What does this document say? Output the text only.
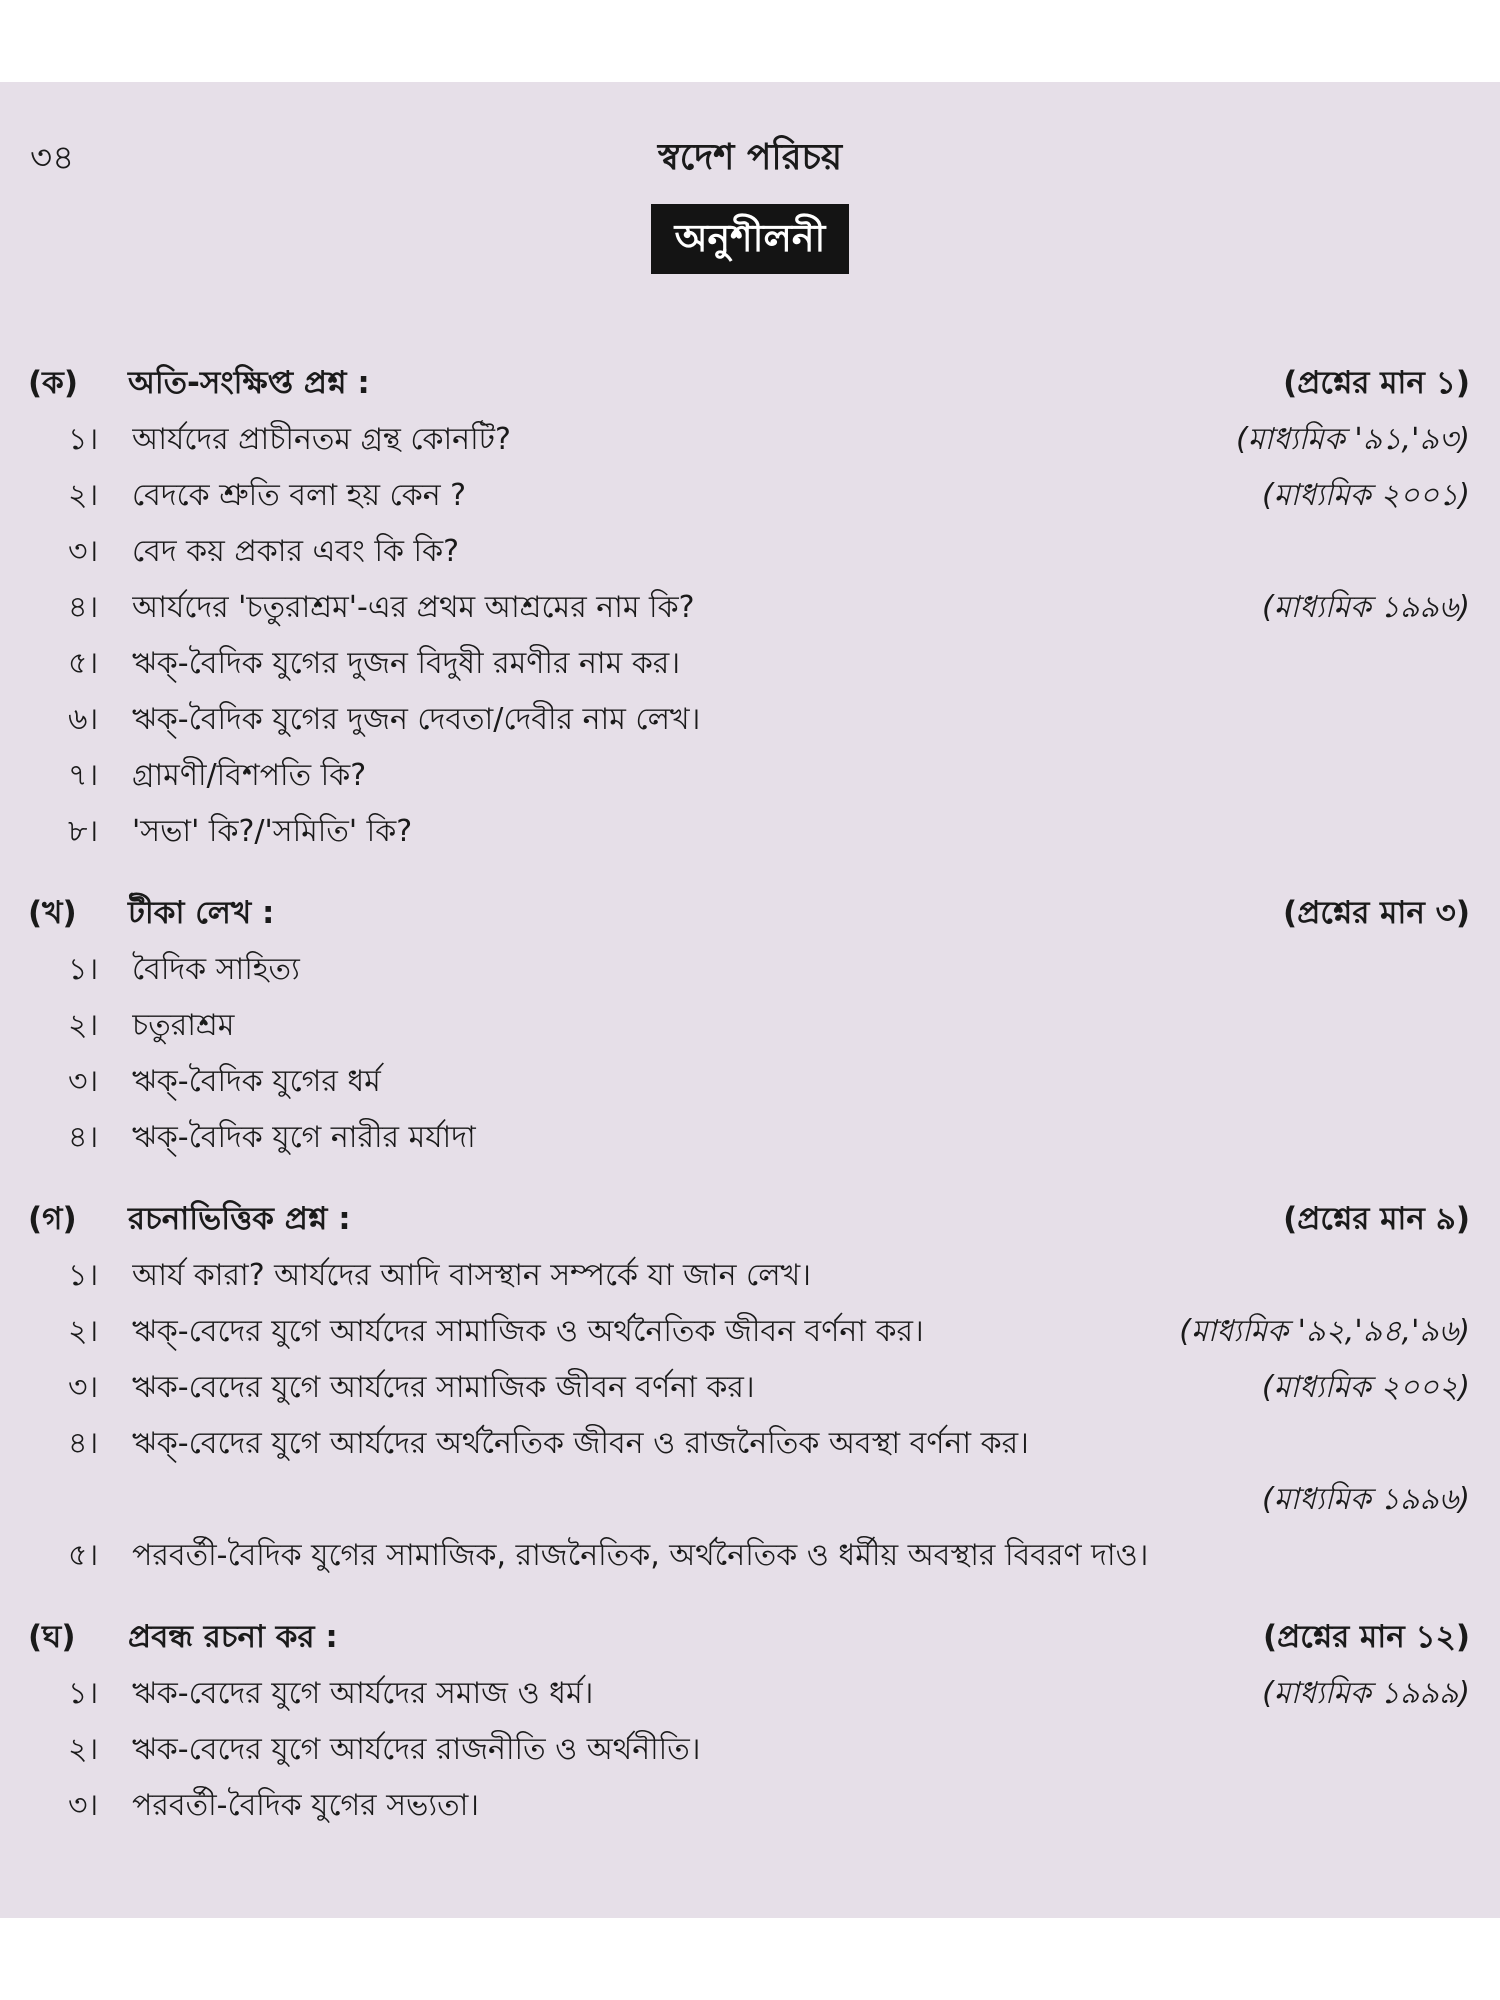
৩৪	স্বদেশ পরিচয়
অনুশীলনী
(ক)	অতি-সংক্ষিপ্ত প্রশ্ন :	(প্রশ্নের মান ১)
১।	আর্যদের প্রাচীনতম গ্রন্থ কোনটি?	(মাধ্যমিক '৯১,'৯৩)
২।	বেদকে শ্রুতি বলা হয় কেন ?	(মাধ্যমিক ২০০১)
৩।	বেদ কয় প্রকার এবং কি কি?
৪।	আর্যদের 'চতুরাশ্রম'-এর প্রথম আশ্রমের নাম কি?	(মাধ্যমিক ১৯৯৬)
৫।	ঋক্‌-বৈদিক যুগের দুজন বিদুষী রমণীর নাম কর।
৬।	ঋক্‌-বৈদিক যুগের দুজন দেবতা/দেবীর নাম লেখ।
৭।	গ্রামণী/বিশপতি কি?
৮।	'সভা' কি?/'সমিতি' কি?
(খ)	টীকা লেখ :	(প্রশ্নের মান ৩)
১।	বৈদিক সাহিত্য
২।	চতুরাশ্রম
৩।	ঋক্‌-বৈদিক যুগের ধর্ম
৪।	ঋক্‌-বৈদিক যুগে নারীর মর্যাদা
(গ)	রচনাভিত্তিক প্রশ্ন :	(প্রশ্নের মান ৯)
১।	আর্য কারা? আর্যদের আদি বাসস্থান সম্পর্কে যা জান লেখ।
২।	ঋক্‌-বেদের যুগে আর্যদের সামাজিক ও অর্থনৈতিক জীবন বর্ণনা কর।	(মাধ্যমিক '৯২,'৯৪,'৯৬)
৩।	ঋক-বেদের যুগে আর্যদের সামাজিক জীবন বর্ণনা কর।	(মাধ্যমিক ২০০২)
৪।	ঋক্‌-বেদের যুগে আর্যদের অর্থনৈতিক জীবন ও রাজনৈতিক অবস্থা বর্ণনা কর।
(মাধ্যমিক ১৯৯৬)
৫।	পরবর্তী-বৈদিক যুগের সামাজিক, রাজনৈতিক, অর্থনৈতিক ও ধর্মীয় অবস্থার বিবরণ দাও।
(ঘ)	প্রবন্ধ রচনা কর :	(প্রশ্নের মান ১২)
১।	ঋক-বেদের যুগে আর্যদের সমাজ ও ধর্ম।	(মাধ্যমিক ১৯৯৯)
২।	ঋক-বেদের যুগে আর্যদের রাজনীতি ও অর্থনীতি।
৩।	পরবর্তী-বৈদিক যুগের সভ্যতা।
